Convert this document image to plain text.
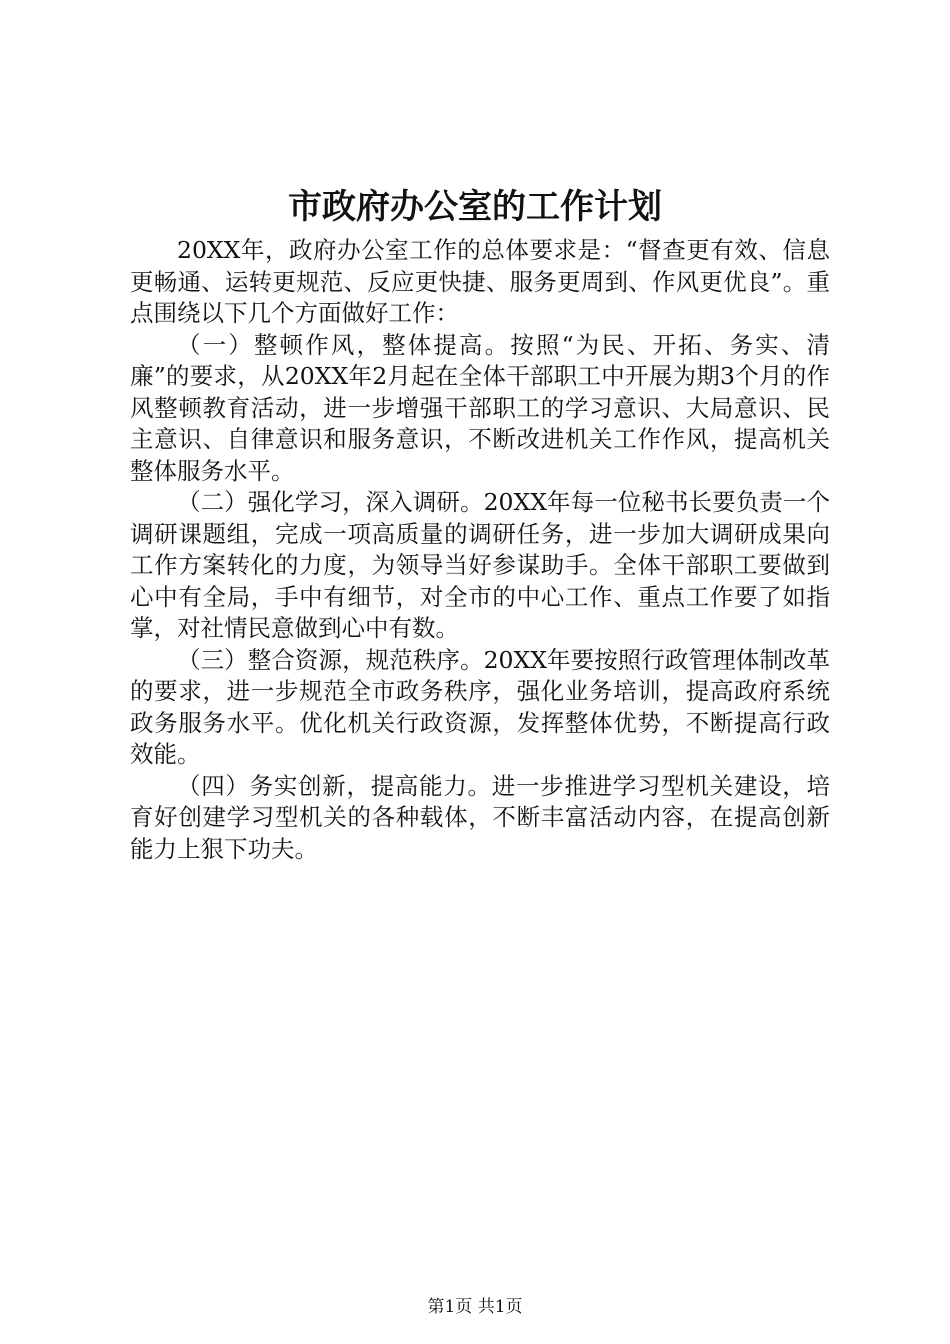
市政府办公室的工作计划

20XX年，政府办公室工作的总体要求是：“督查更有效、信息更畅通、运转更规范、反应更快捷、服务更周到、作风更优良”。重点围绕以下几个方面做好工作：

（一）整顿作风，整体提高。按照“为民、开拓、务实、清廉”的要求，从20XX年2月起在全体干部职工中开展为期3个月的作风整顿教育活动，进一步增强干部职工的学习意识、大局意识、民主意识、自律意识和服务意识，不断改进机关工作作风，提高机关整体服务水平。

（二）强化学习，深入调研。20XX年每一位秘书长要负责一个调研课题组，完成一项高质量的调研任务，进一步加大调研成果向工作方案转化的力度，为领导当好参谋助手。全体干部职工要做到心中有全局，手中有细节，对全市的中心工作、重点工作要了如指掌，对社情民意做到心中有数。

（三）整合资源，规范秩序。20XX年要按照行政管理体制改革的要求，进一步规范全市政务秩序，强化业务培训，提高政府系统政务服务水平。优化机关行政资源，发挥整体优势，不断提高行政效能。

（四）务实创新，提高能力。进一步推进学习型机关建设，培育好创建学习型机关的各种载体，不断丰富活动内容，在提高创新能力上狠下功夫。

第1页 共1页
